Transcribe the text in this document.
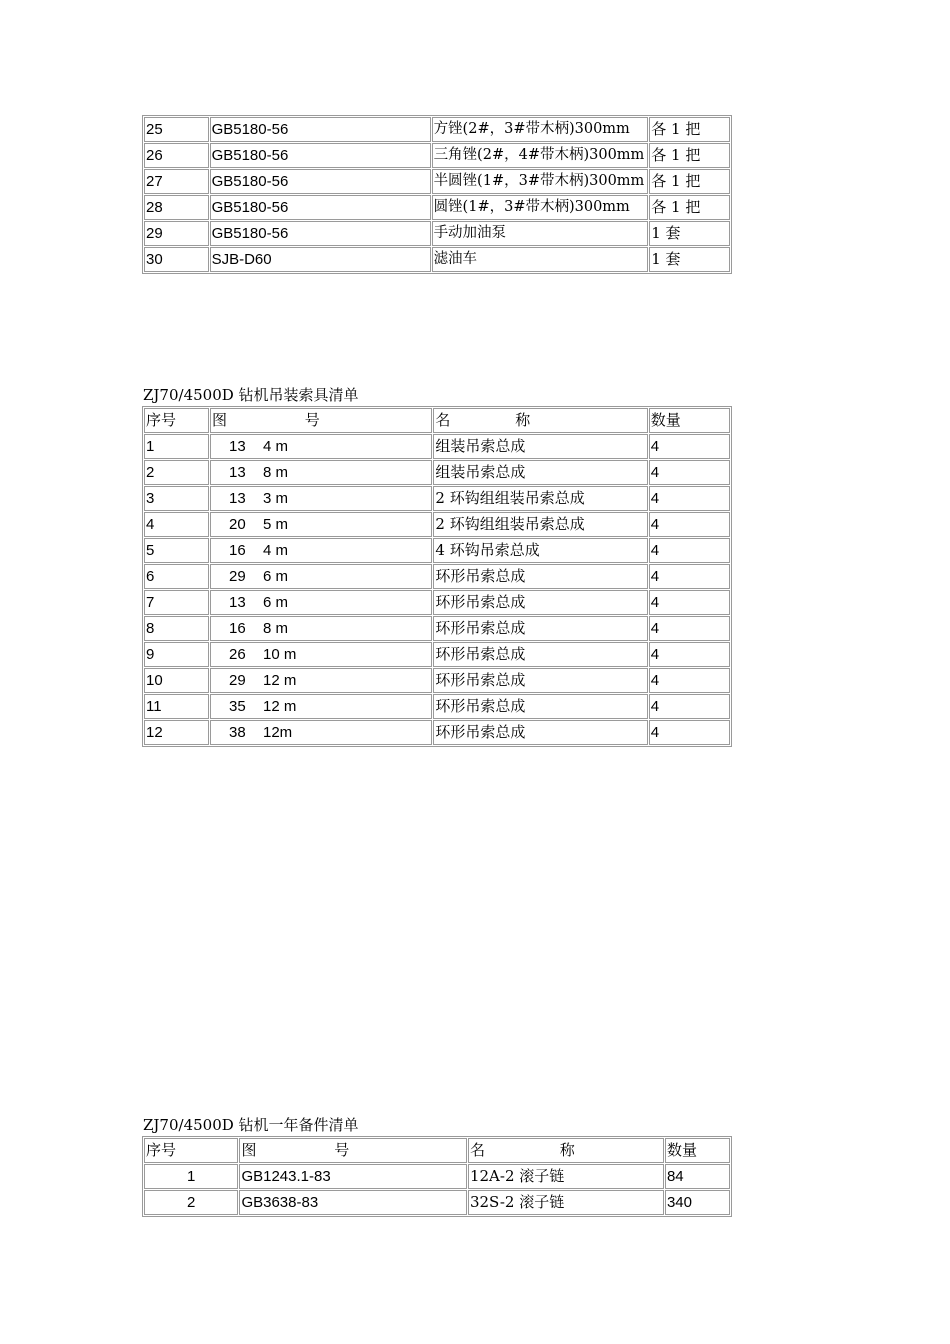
25	GB5180-56	方锉(2#，3#带木柄)300mm	各 1 把
26	GB5180-56	三角锉(2#，4#带木柄)300mm	各 1 把
27	GB5180-56	半圆锉(1#，3#带木柄)300mm	各 1 把
28	GB5180-56	圆锉(1#，3#带木柄)300mm	各 1 把
29	GB5180-56	手动加油泵	1 套
30	SJB-D60	滤油车	1 套
ZJ70/4500D 钻机吊装索具清单
序号	图 号	名 称	数量
1	13 4 m	组装吊索总成	4
2	13 8 m	组装吊索总成	4
3	13 3 m	2 环钩组组装吊索总成	4
4	20 5 m	2 环钩组组装吊索总成	4
5	16 4 m	4 环钩吊索总成	4
6	29 6 m	环形吊索总成	4
7	13 6 m	环形吊索总成	4
8	16 8 m	环形吊索总成	4
9	26 10 m	环形吊索总成	4
10	29 12 m	环形吊索总成	4
11	35 12 m	环形吊索总成	4
12	38 12m	环形吊索总成	4
ZJ70/4500D 钻机一年备件清单
序号	图 号	名 称	数量
1	GB1243.1-83	12A-2 滚子链	84
2	GB3638-83	32S-2 滚子链	340
